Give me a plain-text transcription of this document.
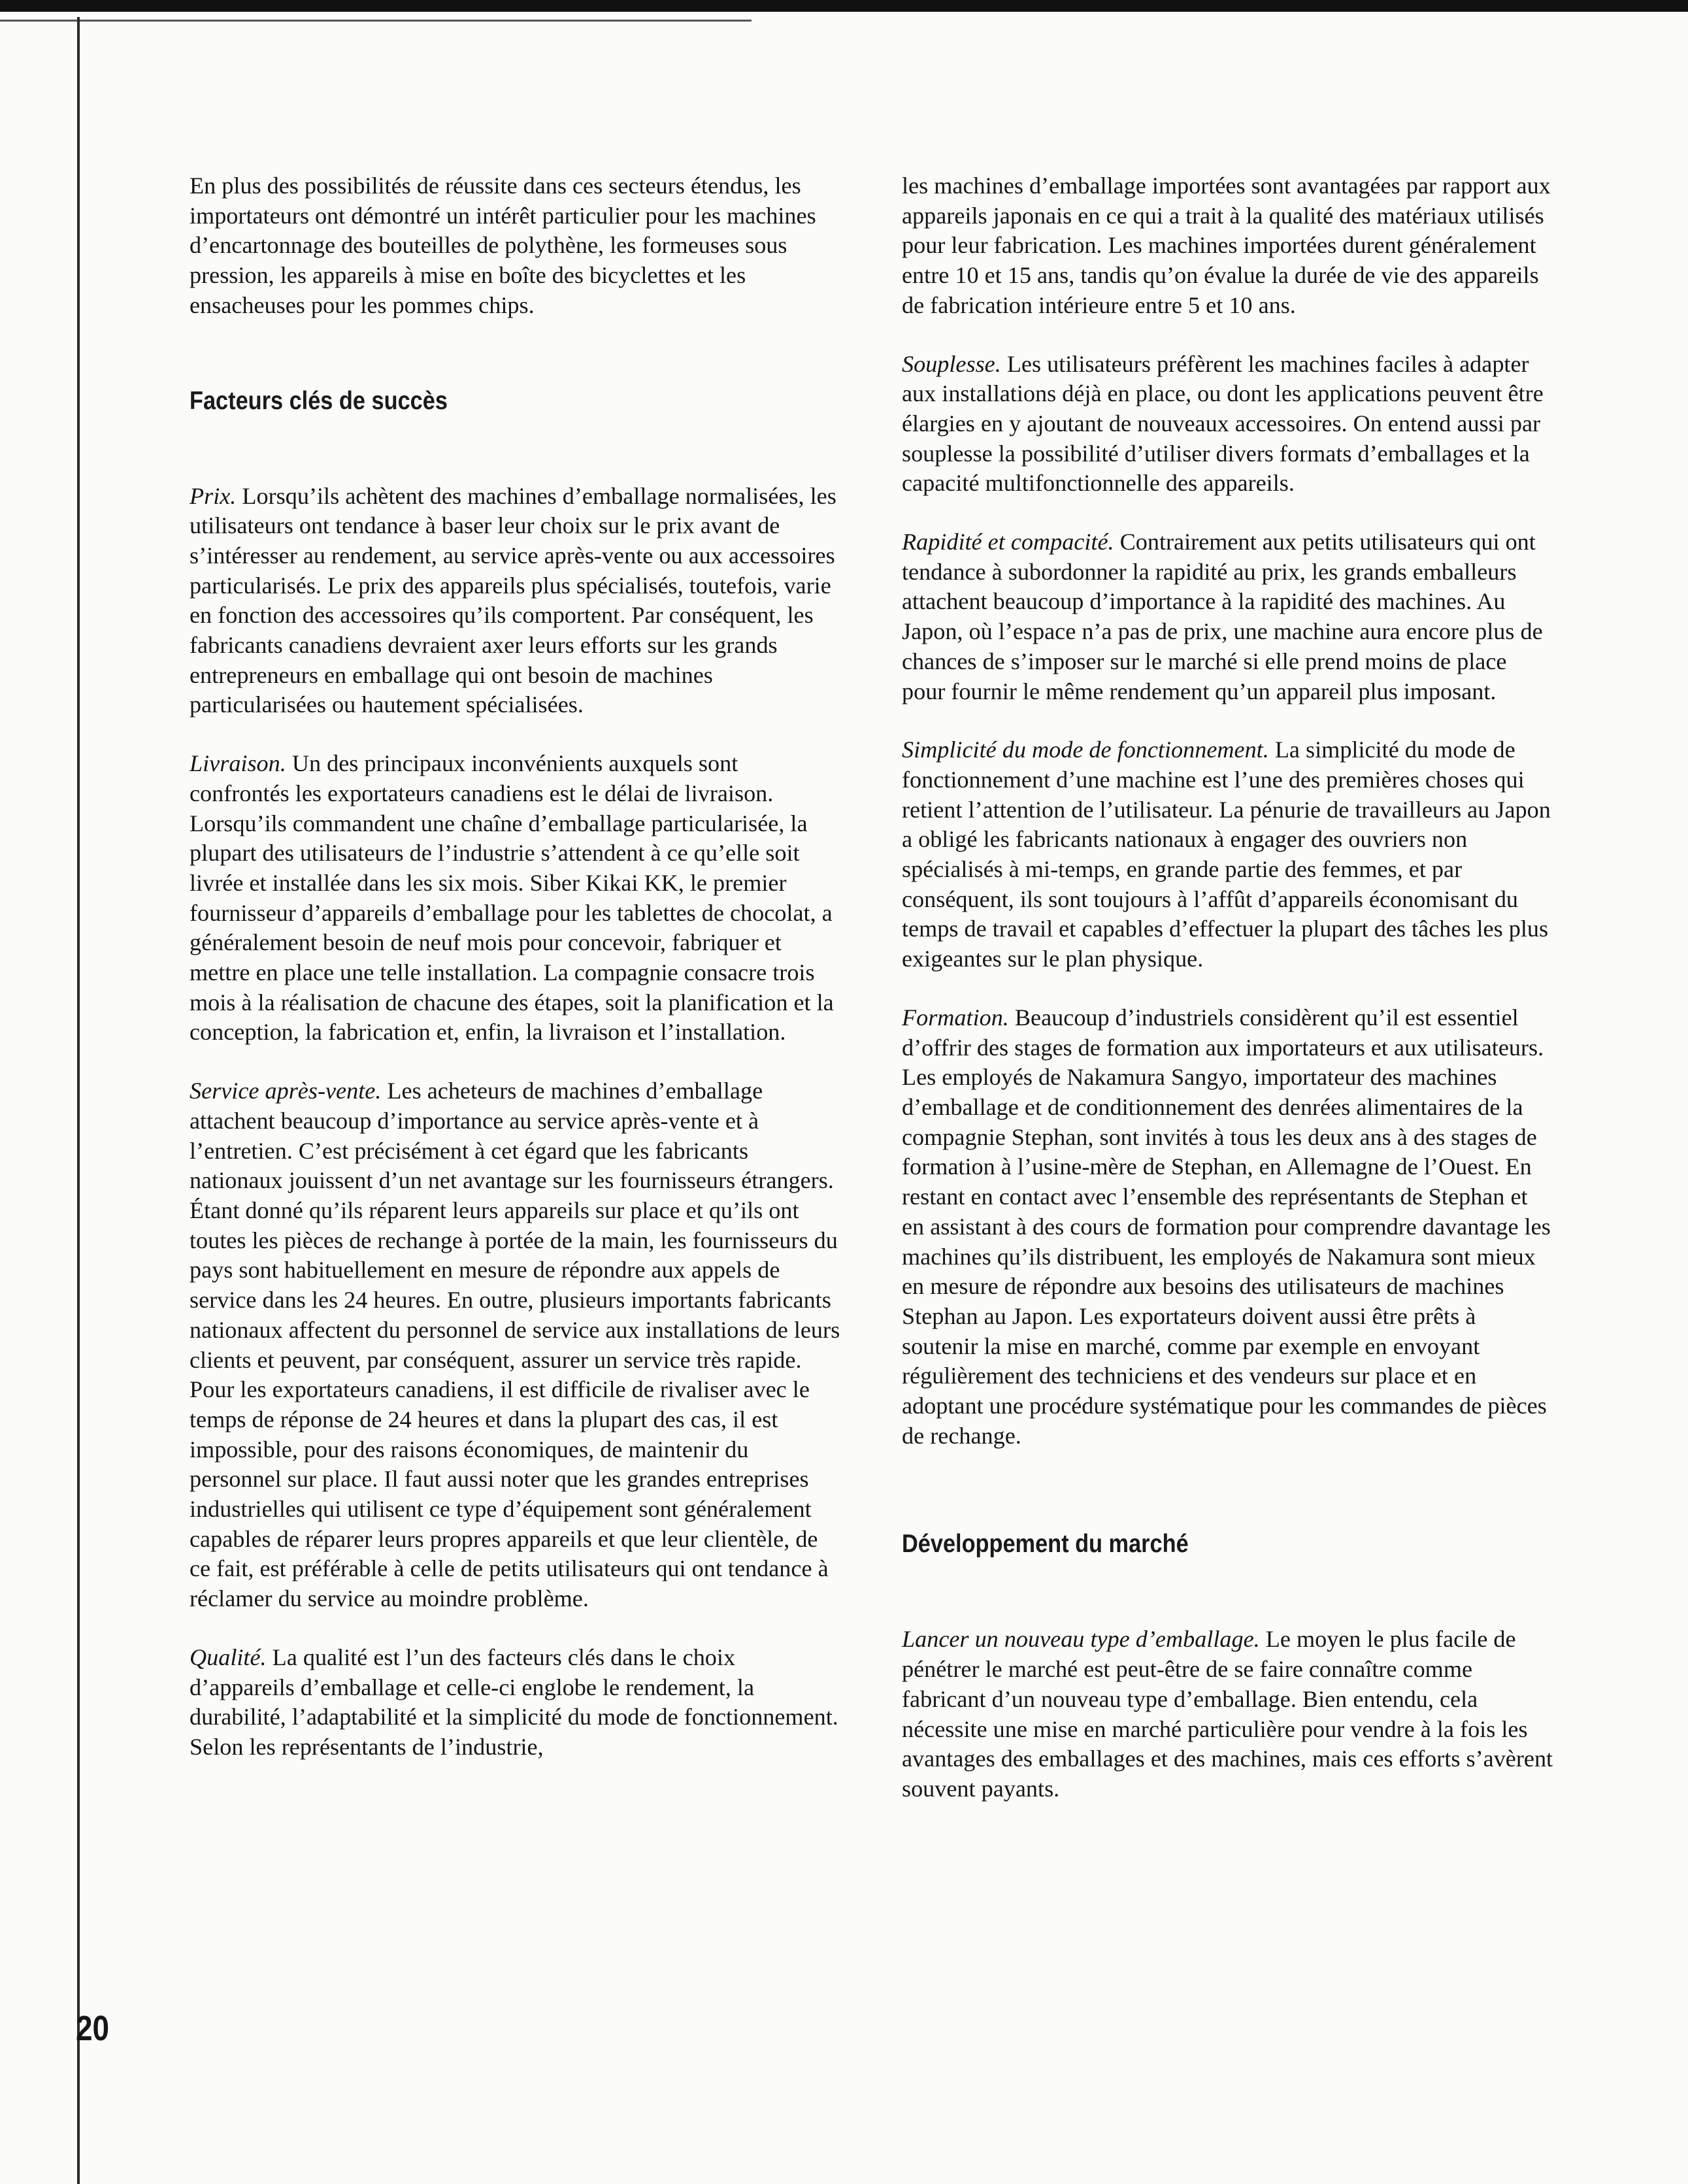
En plus des possibilités de réussite dans ces secteurs étendus, les importateurs ont démontré un intérêt particulier pour les machines d’encartonnage des bouteilles de polythène, les formeuses sous pression, les appareils à mise en boîte des bicyclettes et les ensacheuses pour les pommes chips.

Facteurs clés de succès

Prix. Lorsqu’ils achètent des machines d’emballage normalisées, les utilisateurs ont tendance à baser leur choix sur le prix avant de s’intéresser au rendement, au service après-vente ou aux accessoires particularisés. Le prix des appareils plus spécialisés, toutefois, varie en fonction des accessoires qu’ils comportent. Par conséquent, les fabricants canadiens devraient axer leurs efforts sur les grands entrepreneurs en emballage qui ont besoin de machines particularisées ou hautement spécialisées.

Livraison. Un des principaux inconvénients auxquels sont confrontés les exportateurs canadiens est le délai de livraison. Lorsqu’ils commandent une chaîne d’emballage particularisée, la plupart des utilisateurs de l’industrie s’attendent à ce qu’elle soit livrée et installée dans les six mois. Siber Kikai KK, le premier fournisseur d’appareils d’emballage pour les tablettes de chocolat, a généralement besoin de neuf mois pour concevoir, fabriquer et mettre en place une telle installation. La compagnie consacre trois mois à la réalisation de chacune des étapes, soit la planification et la conception, la fabrication et, enfin, la livraison et l’installation.

Service après-vente. Les acheteurs de machines d’emballage attachent beaucoup d’importance au service après-vente et à l’entretien. C’est précisément à cet égard que les fabricants nationaux jouissent d’un net avantage sur les fournisseurs étrangers. Étant donné qu’ils réparent leurs appareils sur place et qu’ils ont toutes les pièces de rechange à portée de la main, les fournisseurs du pays sont habituellement en mesure de répondre aux appels de service dans les 24 heures. En outre, plusieurs importants fabricants nationaux affectent du personnel de service aux installations de leurs clients et peuvent, par conséquent, assurer un service très rapide. Pour les exportateurs canadiens, il est difficile de rivaliser avec le temps de réponse de 24 heures et dans la plupart des cas, il est impossible, pour des raisons économiques, de maintenir du personnel sur place. Il faut aussi noter que les grandes entreprises industrielles qui utilisent ce type d’équipement sont généralement capables de réparer leurs propres appareils et que leur clientèle, de ce fait, est préférable à celle de petits utilisateurs qui ont tendance à réclamer du service au moindre problème.

Qualité. La qualité est l’un des facteurs clés dans le choix d’appareils d’emballage et celle-ci englobe le rendement, la durabilité, l’adaptabilité et la simplicité du mode de fonctionnement. Selon les représentants de l’industrie,

les machines d’emballage importées sont avantagées par rapport aux appareils japonais en ce qui a trait à la qualité des matériaux utilisés pour leur fabrication. Les machines importées durent généralement entre 10 et 15 ans, tandis qu’on évalue la durée de vie des appareils de fabrication intérieure entre 5 et 10 ans.

Souplesse. Les utilisateurs préfèrent les machines faciles à adapter aux installations déjà en place, ou dont les applications peuvent être élargies en y ajoutant de nouveaux accessoires. On entend aussi par souplesse la possibilité d’utiliser divers formats d’emballages et la capacité multifonctionnelle des appareils.

Rapidité et compacité. Contrairement aux petits utilisateurs qui ont tendance à subordonner la rapidité au prix, les grands emballeurs attachent beaucoup d’importance à la rapidité des machines. Au Japon, où l’espace n’a pas de prix, une machine aura encore plus de chances de s’imposer sur le marché si elle prend moins de place pour fournir le même rendement qu’un appareil plus imposant.

Simplicité du mode de fonctionnement. La simplicité du mode de fonctionnement d’une machine est l’une des premières choses qui retient l’attention de l’utilisateur. La pénurie de travailleurs au Japon a obligé les fabricants nationaux à engager des ouvriers non spécialisés à mi-temps, en grande partie des femmes, et par conséquent, ils sont toujours à l’affût d’appareils économisant du temps de travail et capables d’effectuer la plupart des tâches les plus exigeantes sur le plan physique.

Formation. Beaucoup d’industriels considèrent qu’il est essentiel d’offrir des stages de formation aux importateurs et aux utilisateurs. Les employés de Nakamura Sangyo, importateur des machines d’emballage et de conditionnement des denrées alimentaires de la compagnie Stephan, sont invités à tous les deux ans à des stages de formation à l’usine-mère de Stephan, en Allemagne de l’Ouest. En restant en contact avec l’ensemble des représentants de Stephan et en assistant à des cours de formation pour comprendre davantage les machines qu’ils distribuent, les employés de Nakamura sont mieux en mesure de répondre aux besoins des utilisateurs de machines Stephan au Japon. Les exportateurs doivent aussi être prêts à soutenir la mise en marché, comme par exemple en envoyant régulièrement des techniciens et des vendeurs sur place et en adoptant une procédure systématique pour les commandes de pièces de rechange.

Développement du marché

Lancer un nouveau type d’emballage. Le moyen le plus facile de pénétrer le marché est peut-être de se faire connaître comme fabricant d’un nouveau type d’emballage. Bien entendu, cela nécessite une mise en marché particulière pour vendre à la fois les avantages des emballages et des machines, mais ces efforts s’avèrent souvent payants.

20
